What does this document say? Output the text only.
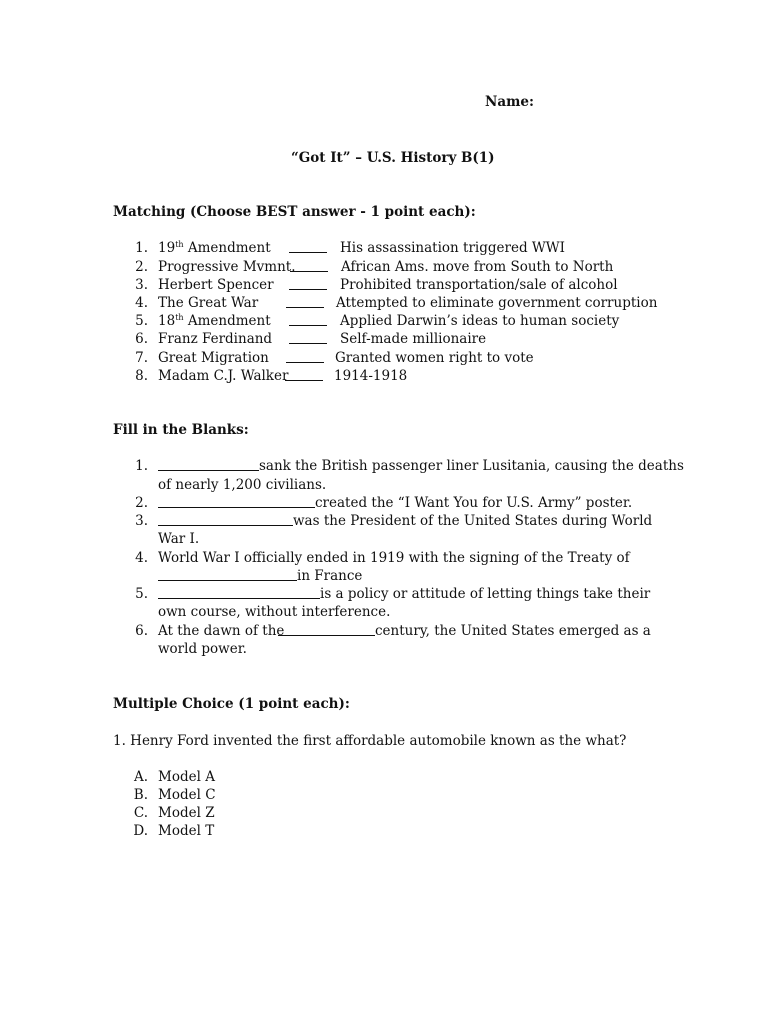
Name:
“Got It” – U.S. History B(1)
Matching (Choose BEST answer - 1 point each):
1. 19th Amendment	His assassination triggered WWI
2. Progressive Mvmnt.	African Ams. move from South to North
3. Herbert Spencer	Prohibited transportation/sale of alcohol
4. The Great War	Attempted to eliminate government corruption
5. 18th Amendment	Applied Darwin’s ideas to human society
6. Franz Ferdinand	Self-made millionaire
7. Great Migration	Granted women right to vote
8. Madam C.J. Walker	1914-1918
Fill in the Blanks:
1.	sank the British passenger liner Lusitania, causing the deaths
of nearly 1,200 civilians.
2.	created the “I Want You for U.S. Army” poster.
3.	was the President of the United States during World
War I.
4. World War I officially ended in 1919 with the signing of the Treaty of
in France
5.	is a policy or attitude of letting things take their
own course, without interference.
6. At the dawn of the	century, the United States emerged as a
world power.
Multiple Choice (1 point each):
1. Henry Ford invented the first affordable automobile known as the what?
A. Model A
B. Model C
C. Model Z
D. Model T
